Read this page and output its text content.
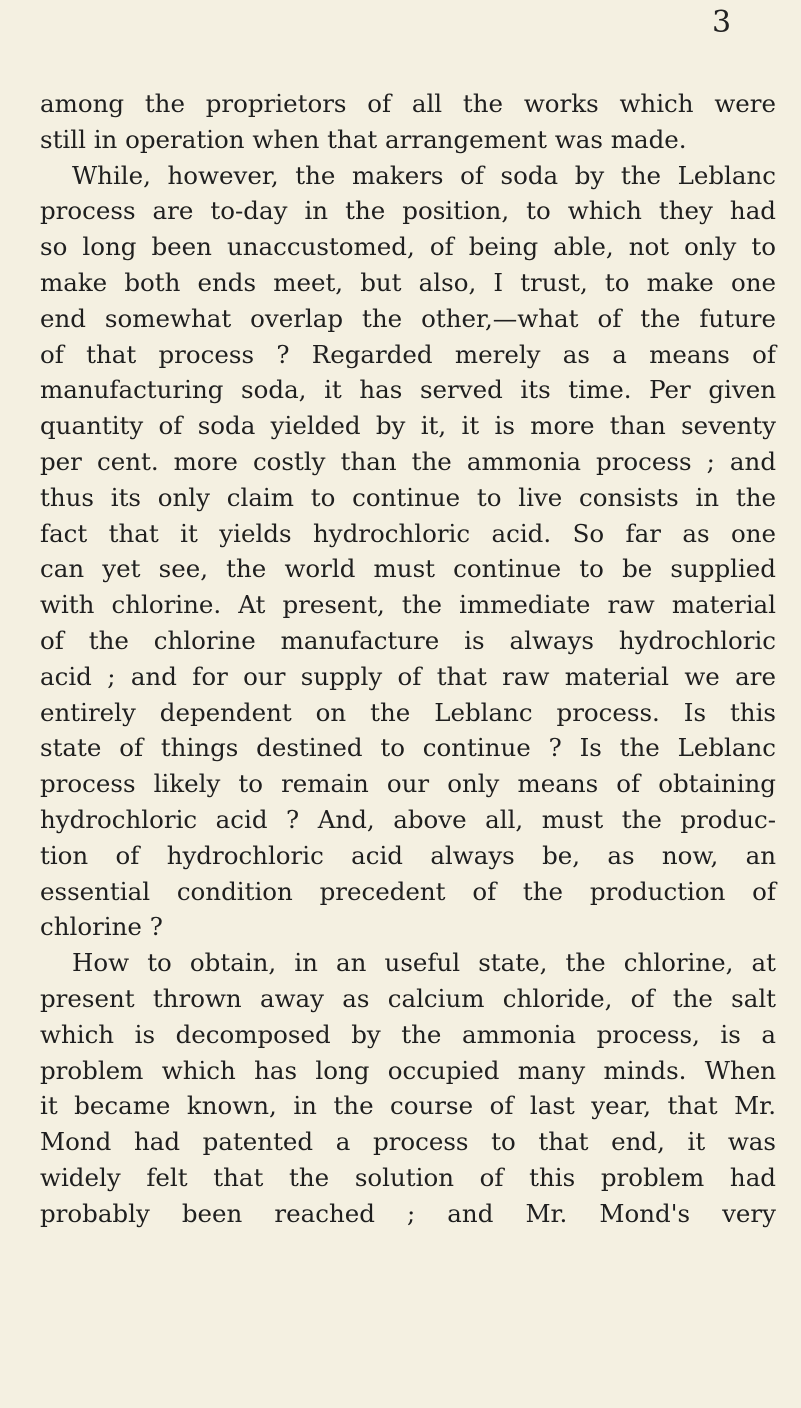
3
among the proprietors of all the works which were
still in operation when that arrangement was made.
While, however, the makers of soda by the Leblanc
process are to-day in the position, to which they had
so long been unaccustomed, of being able, not only to
make both ends meet, but also, I trust, to make one
end somewhat overlap the other,—what of the future
of that process ? Regarded merely as a means of
manufacturing soda, it has served its time. Per given
quantity of soda yielded by it, it is more than seventy
per cent. more costly than the ammonia process ; and
thus its only claim to continue to live consists in the
fact that it yields hydrochloric acid. So far as one
can yet see, the world must continue to be supplied
with chlorine. At present, the immediate raw material
of the chlorine manufacture is always hydrochloric
acid ; and for our supply of that raw material we are
entirely dependent on the Leblanc process. Is this
state of things destined to continue ? Is the Leblanc
process likely to remain our only means of obtaining
hydrochloric acid ? And, above all, must the produc-
tion of hydrochloric acid always be, as now, an
essential condition precedent of the production of
chlorine ?
How to obtain, in an useful state, the chlorine, at
present thrown away as calcium chloride, of the salt
which is decomposed by the ammonia process, is a
problem which has long occupied many minds. When
it became known, in the course of last year, that Mr.
Mond had patented a process to that end, it was
widely felt that the solution of this problem had
probably been reached ; and Mr. Mond's very
